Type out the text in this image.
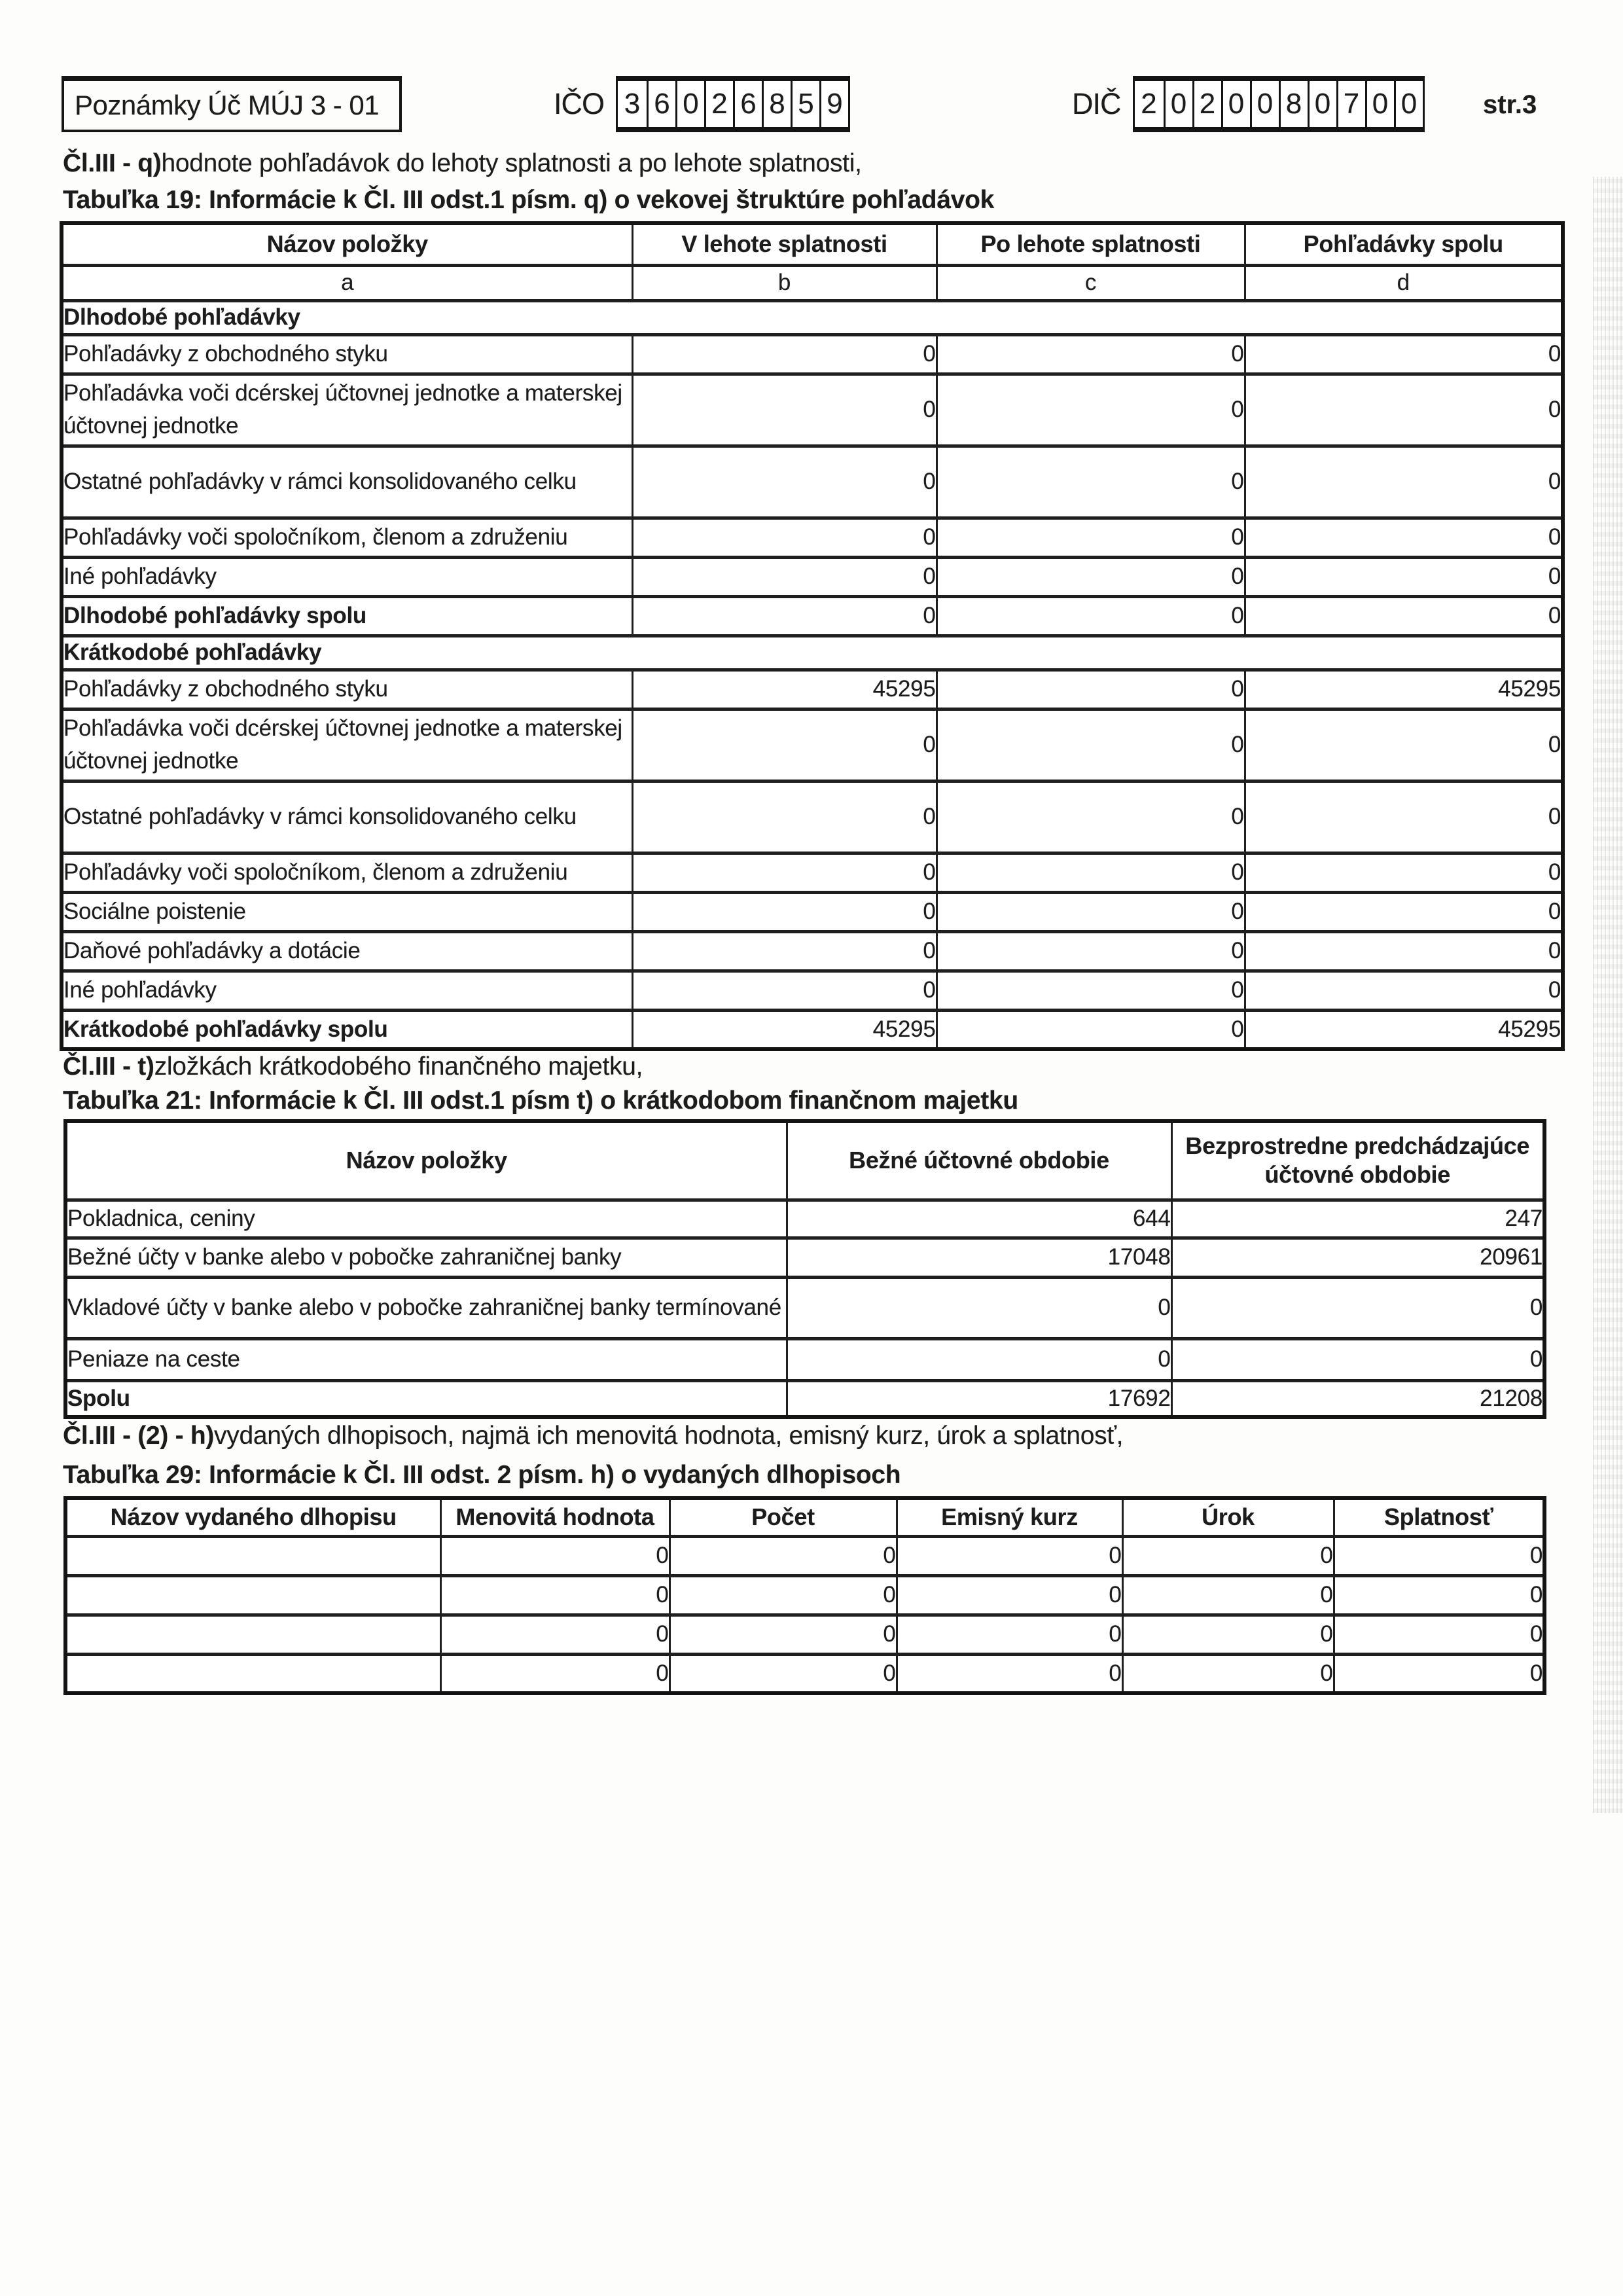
Poznámky Úč MÚJ 3 - 01	IČO 3 6 0 2 6 8 5 9	DIČ 2 0 2 0 0 8 0 7 0 0	str.3
Čl.III - q)hodnote pohľadávok do lehoty splatnosti a po lehote splatnosti,
Tabuľka 19: Informácie k Čl. III odst.1 písm. q) o vekovej štruktúre pohľadávok
Názov položky	V lehote splatnosti	Po lehote splatnosti	Pohľadávky spolu
a	b	c	d
Dlhodobé pohľadávky			
Pohľadávky z obchodného styku	0	0	0
Pohľadávka voči dcérskej účtovnej jednotke a materskej účtovnej jednotke	0	0	0
Ostatné pohľadávky v rámci konsolidovaného celku	0	0	0
Pohľadávky voči spoločníkom, členom a združeniu	0	0	0
Iné pohľadávky	0	0	0
Dlhodobé pohľadávky spolu	0	0	0
Krátkodobé pohľadávky			
Pohľadávky z obchodného styku	45295	0	45295
Pohľadávka voči dcérskej účtovnej jednotke a materskej účtovnej jednotke	0	0	0
Ostatné pohľadávky v rámci konsolidovaného celku	0	0	0
Pohľadávky voči spoločníkom, členom a združeniu	0	0	0
Sociálne poistenie	0	0	0
Daňové pohľadávky a dotácie	0	0	0
Iné pohľadávky	0	0	0
Krátkodobé pohľadávky spolu	45295	0	45295
Čl.III - t)zložkách krátkodobého finančného majetku,
Tabuľka 21: Informácie k Čl. III odst.1 písm t) o krátkodobom finančnom majetku
Názov položky	Bežné účtovné obdobie	Bezprostredne predchádzajúce účtovné obdobie
Pokladnica, ceniny	644	247
Bežné účty v banke alebo v pobočke zahraničnej banky	17048	20961
Vkladové účty v banke alebo v pobočke zahraničnej banky termínované	0	0
Peniaze na ceste	0	0
Spolu	17692	21208
Čl.III - (2) - h)vydaných dlhopisoch, najmä ich menovitá hodnota, emisný kurz, úrok a splatnosť,
Tabuľka 29: Informácie k Čl. III odst. 2 písm. h) o vydaných dlhopisoch
Názov vydaného dlhopisu	Menovitá hodnota	Počet	Emisný kurz	Úrok	Splatnosť
	0	0	0	0	0
	0	0	0	0	0
	0	0	0	0	0
	0	0	0	0	0
